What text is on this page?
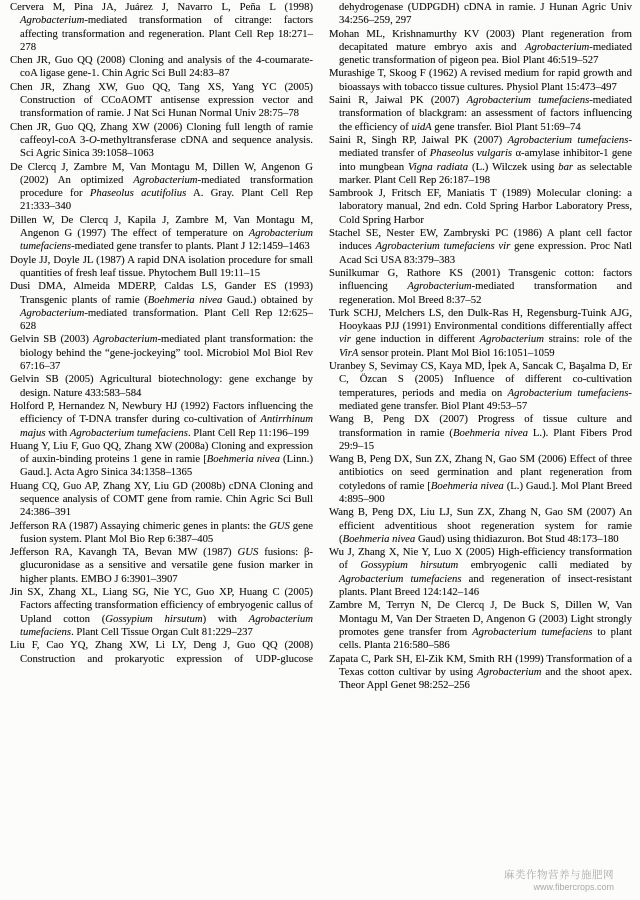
Cervera M, Pina JA, Juárez J, Navarro L, Peña L (1998) Agrobacterium-mediated transformation of citrange: factors affecting transformation and regeneration. Plant Cell Rep 18:271–278

Chen JR, Guo QQ (2008) Cloning and analysis of the 4-coumarate-coA ligase gene-1. Chin Agric Sci Bull 24:83–87

Chen JR, Zhang XW, Guo QQ, Tang XS, Yang YC (2005) Construction of CCoAOMT antisense expression vector and transformation of ramie. J Nat Sci Hunan Normal Univ 28:75–78

Chen JR, Guo QQ, Zhang XW (2006) Cloning full length of ramie caffeoyl-coA 3-O-methyltransferase cDNA and sequence analysis. Sci Agric Sinica 39:1058–1063

De Clercq J, Zambre M, Van Montagu M, Dillen W, Angenon G (2002) An optimized Agrobacterium-mediated transformation procedure for Phaseolus acutifolius A. Gray. Plant Cell Rep 21:333–340

Dillen W, De Clercq J, Kapila J, Zambre M, Van Montagu M, Angenon G (1997) The effect of temperature on Agrobacterium tumefaciens-mediated gene transfer to plants. Plant J 12:1459–1463

Doyle JJ, Doyle JL (1987) A rapid DNA isolation procedure for small quantities of fresh leaf tissue. Phytochem Bull 19:11–15

Dusi DMA, Almeida MDERP, Caldas LS, Gander ES (1993) Transgenic plants of ramie (Boehmeria nivea Gaud.) obtained by Agrobacterium-mediated transformation. Plant Cell Rep 12:625–628

Gelvin SB (2003) Agrobacterium-mediated plant transformation: the biology behind the “gene-jockeying” tool. Microbiol Mol Biol Rev 67:16–37

Gelvin SB (2005) Agricultural biotechnology: gene exchange by design. Nature 433:583–584

Holford P, Hernandez N, Newbury HJ (1992) Factors influencing the efficiency of T-DNA transfer during co-cultivation of Antirrhinum majus with Agrobacterium tumefaciens. Plant Cell Rep 11:196–199

Huang Y, Liu F, Guo QQ, Zhang XW (2008a) Cloning and expression of auxin-binding proteins 1 gene in ramie [Boehmeria nivea (Linn.) Gaud.]. Acta Agro Sinica 34:1358–1365

Huang CQ, Guo AP, Zhang XY, Liu GD (2008b) cDNA Cloning and sequence analysis of COMT gene from ramie. Chin Agric Sci Bull 24:386–391

Jefferson RA (1987) Assaying chimeric genes in plants: the GUS gene fusion system. Plant Mol Bio Rep 6:387–405

Jefferson RA, Kavangh TA, Bevan MW (1987) GUS fusions: β-glucuronidase as a sensitive and versatile gene fusion marker in higher plants. EMBO J 6:3901–3907

Jin SX, Zhang XL, Liang SG, Nie YC, Guo XP, Huang C (2005) Factors affecting transformation efficiency of embryogenic callus of Upland cotton (Gossypium hirsutum) with Agrobacterium tumefaciens. Plant Cell Tissue Organ Cult 81:229–237

Liu F, Cao YQ, Zhang XW, Li LY, Deng J, Guo QQ (2008) Construction and prokaryotic expression of UDP-glucose

dehydrogenase (UDPGDH) cDNA in ramie. J Hunan Agric Univ 34:256–259, 297

Mohan ML, Krishnamurthy KV (2003) Plant regeneration from decapitated mature embryo axis and Agrobacterium-mediated genetic transformation of pigeon pea. Biol Plant 46:519–527

Murashige T, Skoog F (1962) A revised medium for rapid growth and bioassays with tobacco tissue cultures. Physiol Plant 15:473–497

Saini R, Jaiwal PK (2007) Agrobacterium tumefaciens-mediated transformation of blackgram: an assessment of factors influencing the efficiency of uidA gene transfer. Biol Plant 51:69–74

Saini R, Singh RP, Jaiwal PK (2007) Agrobacterium tumefaciens-mediated transfer of Phaseolus vulgaris α-amylase inhibitor-1 gene into mungbean Vigna radiata (L.) Wilczek using bar as selectable marker. Plant Cell Rep 26:187–198

Sambrook J, Fritsch EF, Maniatis T (1989) Molecular cloning: a laboratory manual, 2nd edn. Cold Spring Harbor Laboratory Press, Cold Spring Harbor

Stachel SE, Nester EW, Zambryski PC (1986) A plant cell factor induces Agrobacterium tumefaciens vir gene expression. Proc Natl Acad Sci USA 83:379–383

Sunilkumar G, Rathore KS (2001) Transgenic cotton: factors influencing Agrobacterium-mediated transformation and regeneration. Mol Breed 8:37–52

Turk SCHJ, Melchers LS, den Dulk-Ras H, Regensburg-Tuink AJG, Hooykaas PJJ (1991) Environmental conditions differentially affect vir gene induction in different Agrobacterium strains: role of the VirA sensor protein. Plant Mol Biol 16:1051–1059

Uranbey S, Sevimay CS, Kaya MD, İpek A, Sancak C, Başalma D, Er C, Özcan S (2005) Influence of different co-cultivation temperatures, periods and media on Agrobacterium tumefaciens-mediated gene transfer. Biol Plant 49:53–57

Wang B, Peng DX (2007) Progress of tissue culture and transformation in ramie (Boehmeria nivea L.). Plant Fibers Prod 29:9–15

Wang B, Peng DX, Sun ZX, Zhang N, Gao SM (2006) Effect of three antibiotics on seed germination and plant regeneration from cotyledons of ramie [Boehmeria nivea (L.) Gaud.]. Mol Plant Breed 4:895–900

Wang B, Peng DX, Liu LJ, Sun ZX, Zhang N, Gao SM (2007) An efficient adventitious shoot regeneration system for ramie (Boehmeria nivea Gaud) using thidiazuron. Bot Stud 48:173–180

Wu J, Zhang X, Nie Y, Luo X (2005) High-efficiency transformation of Gossypium hirsutum embryogenic calli mediated by Agrobacterium tumefaciens and regeneration of insect-resistant plants. Plant Breed 124:142–146

Zambre M, Terryn N, De Clercq J, De Buck S, Dillen W, Van Montagu M, Van Der Straeten D, Angenon G (2003) Light strongly promotes gene transfer from Agrobacterium tumefaciens to plant cells. Planta 216:580–586

Zapata C, Park SH, El-Zik KM, Smith RH (1999) Transformation of a Texas cotton cultivar by using Agrobacterium and the shoot apex. Theor Appl Genet 98:252–256

麻类作物营养与施肥网
www.fibercrops.com
